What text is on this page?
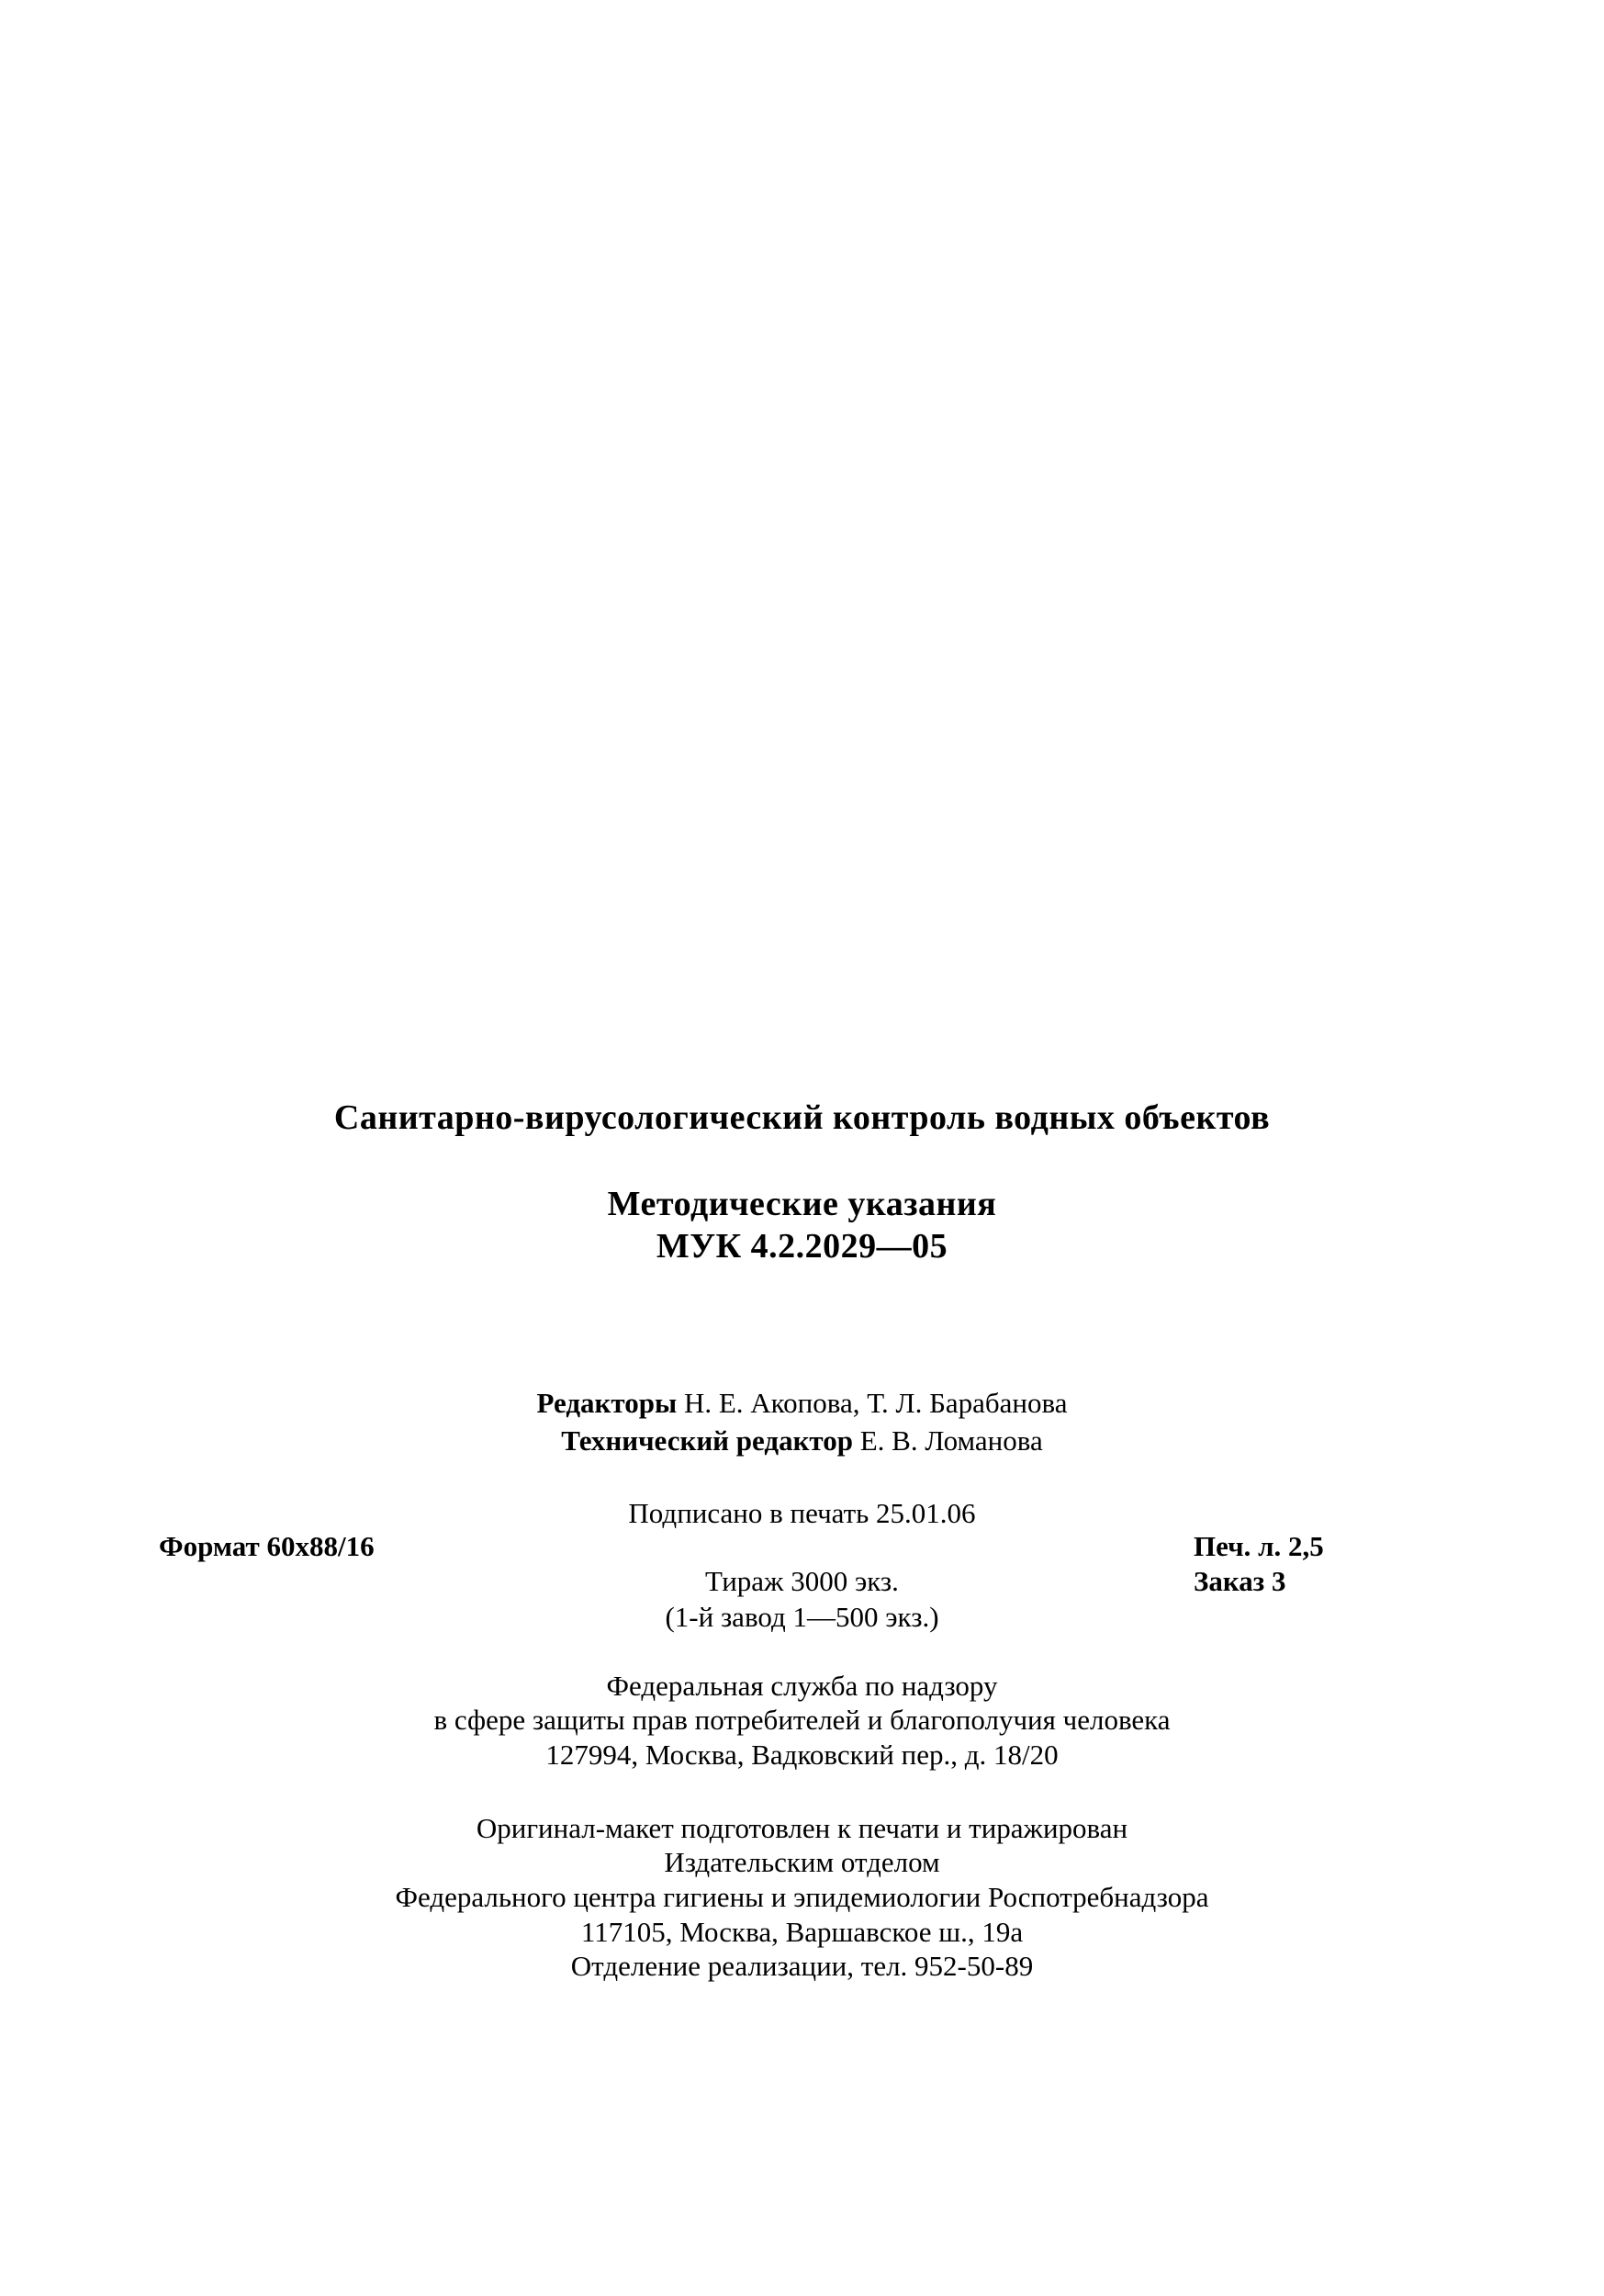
Санитарно-вирусологический контроль водных объектов
Методические указания
МУК 4.2.2029—05
Редакторы Н. Е. Акопова, Т. Л. Барабанова
Технический редактор Е. В. Ломанова
Подписано в печать 25.01.06
Формат 60x88/16	Печ. л. 2,5
Тираж 3000 экз.	Заказ 3
(1-й завод 1—500 экз.)
Федеральная служба по надзору
в сфере защиты прав потребителей и благополучия человека
127994, Москва, Вадковский пер., д. 18/20
Оригинал-макет подготовлен к печати и тиражирован
Издательским отделом
Федерального центра гигиены и эпидемиологии Роспотребнадзора
117105, Москва, Варшавское ш., 19а
Отделение реализации, тел. 952-50-89
